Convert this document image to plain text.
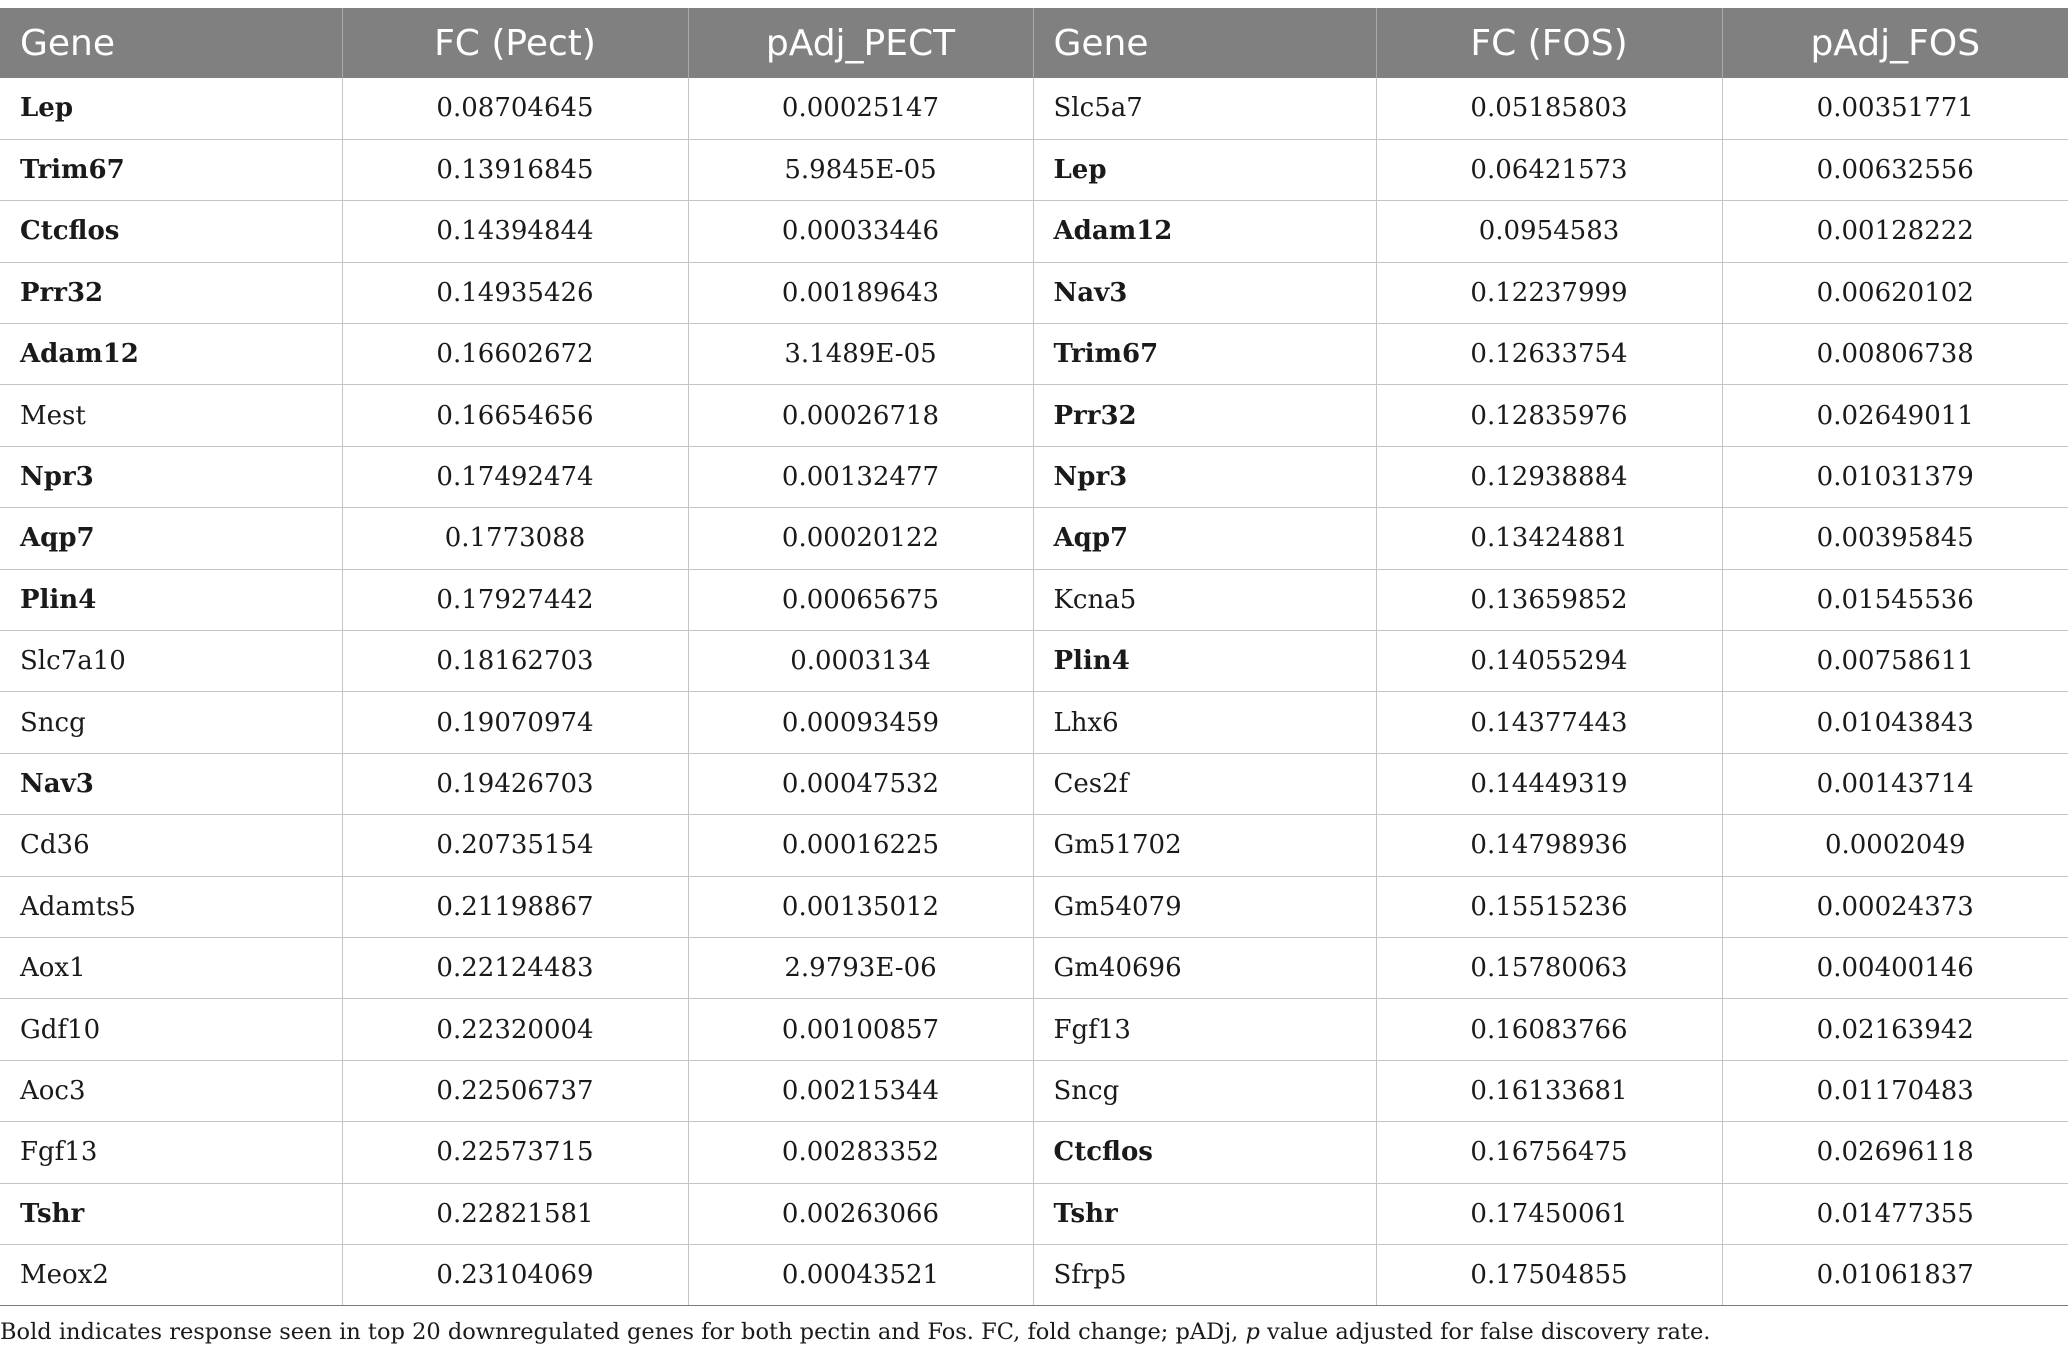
Gene	FC (Pect)	pAdj_PECT	Gene	FC (FOS)	pAdj_FOS
Lep	0.08704645	0.00025147	Slc5a7	0.05185803	0.00351771
Trim67	0.13916845	5.9845E-05	Lep	0.06421573	0.00632556
Ctcflos	0.14394844	0.00033446	Adam12	0.0954583	0.00128222
Prr32	0.14935426	0.00189643	Nav3	0.12237999	0.00620102
Adam12	0.16602672	3.1489E-05	Trim67	0.12633754	0.00806738
Mest	0.16654656	0.00026718	Prr32	0.12835976	0.02649011
Npr3	0.17492474	0.00132477	Npr3	0.12938884	0.01031379
Aqp7	0.1773088	0.00020122	Aqp7	0.13424881	0.00395845
Plin4	0.17927442	0.00065675	Kcna5	0.13659852	0.01545536
Slc7a10	0.18162703	0.0003134	Plin4	0.14055294	0.00758611
Sncg	0.19070974	0.00093459	Lhx6	0.14377443	0.01043843
Nav3	0.19426703	0.00047532	Ces2f	0.14449319	0.00143714
Cd36	0.20735154	0.00016225	Gm51702	0.14798936	0.0002049
Adamts5	0.21198867	0.00135012	Gm54079	0.15515236	0.00024373
Aox1	0.22124483	2.9793E-06	Gm40696	0.15780063	0.00400146
Gdf10	0.22320004	0.00100857	Fgf13	0.16083766	0.02163942
Aoc3	0.22506737	0.00215344	Sncg	0.16133681	0.01170483
Fgf13	0.22573715	0.00283352	Ctcflos	0.16756475	0.02696118
Tshr	0.22821581	0.00263066	Tshr	0.17450061	0.01477355
Meox2	0.23104069	0.00043521	Sfrp5	0.17504855	0.01061837
Bold indicates response seen in top 20 downregulated genes for both pectin and Fos. FC, fold change; pADj, p value adjusted for false discovery rate.
